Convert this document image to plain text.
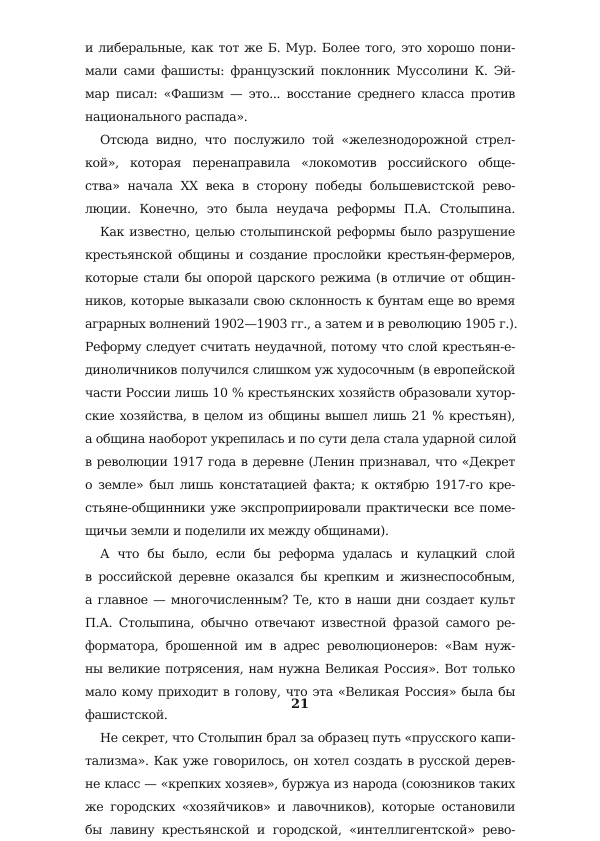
и либеральные, как тот же Б. Мур. Более того, это хорошо пони-
мали сами фашисты: французский поклонник Муссолини К. Эй-
мар писал: «Фашизм — это... восстание среднего класса против
национального распада».
Отсюда видно, что послужило той «железнодорожной стрел-
кой», которая перенаправила «локомотив российского обще-
ства» начала XX века в сторону победы большевистской рево-
люции. Конечно, это была неудача реформы П.А. Столыпина.
Как известно, целью столыпинской реформы было разрушение
крестьянской общины и создание прослойки крестьян-фермеров,
которые стали бы опорой царского режима (в отличие от общин-
ников, которые выказали свою склонность к бунтам еще во время
аграрных волнений 1902—1903 гг., а затем и в революцию 1905 г.).
Реформу следует считать неудачной, потому что слой крестьян-е-
диноличников получился слишком уж худосочным (в европейской
части России лишь 10 % крестьянских хозяйств образовали хутор-
ские хозяйства, в целом из общины вышел лишь 21 % крестьян),
а община наоборот укрепилась и по сути дела стала ударной силой
в революции 1917 года в деревне (Ленин признавал, что «Декрет
о земле» был лишь констатацией факта; к октябрю 1917-го кре-
стьяне-общинники уже экспроприировали практически все поме-
щичьи земли и поделили их между общинами).
А что бы было, если бы реформа удалась и кулацкий слой
в российской деревне оказался бы крепким и жизнеспособным,
а главное — многочисленным? Те, кто в наши дни создает культ
П.А. Столыпина, обычно отвечают известной фразой самого ре-
форматора, брошенной им в адрес революционеров: «Вам нуж-
ны великие потрясения, нам нужна Великая Россия». Вот только
мало кому приходит в голову, что эта «Великая Россия» была бы
фашистской.
Не секрет, что Столыпин брал за образец путь «прусского капи-
тализма». Как уже говорилось, он хотел создать в русской дерев-
не класс — «крепких хозяев», буржуа из народа (союзников таких
же городских «хозяйчиков» и лавочников), которые остановили
бы лавину крестьянской и городской, «интеллигентской» рево-
21
